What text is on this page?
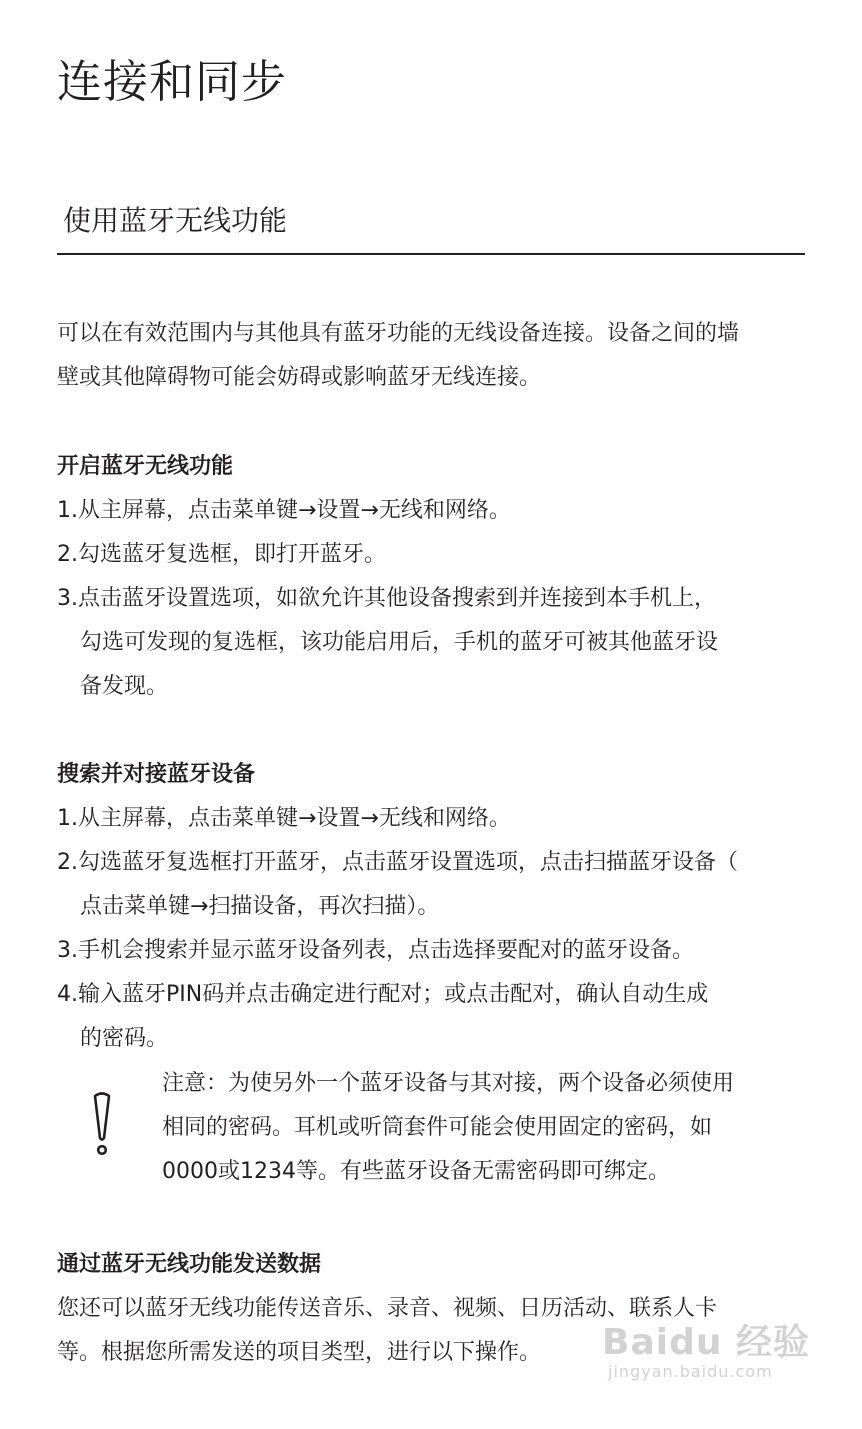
连接和同步
使用蓝牙无线功能

可以在有效范围内与其他具有蓝牙功能的无线设备连接。设备之间的墙
壁或其他障碍物可能会妨碍或影响蓝牙无线连接。

开启蓝牙无线功能
1.从主屏幕，点击菜单键→设置→无线和网络。
2.勾选蓝牙复选框，即打开蓝牙。
3.点击蓝牙设置选项，如欲允许其他设备搜索到并连接到本手机上，
勾选可发现的复选框，该功能启用后，手机的蓝牙可被其他蓝牙设
备发现。
搜索并对接蓝牙设备
1.从主屏幕，点击菜单键→设置→无线和网络。
2.勾选蓝牙复选框打开蓝牙，点击蓝牙设置选项，点击扫描蓝牙设备（
点击菜单键→扫描设备，再次扫描）。
3.手机会搜索并显示蓝牙设备列表，点击选择要配对的蓝牙设备。
4.输入蓝牙PIN码并点击确定进行配对；或点击配对，确认自动生成
的密码。
注意：为使另外一个蓝牙设备与其对接，两个设备必须使用
相同的密码。耳机或听筒套件可能会使用固定的密码，如
0000或1234等。有些蓝牙设备无需密码即可绑定。
通过蓝牙无线功能发送数据

您还可以蓝牙无线功能传送音乐、录音、视频、日历活动、联系人卡
等。根据您所需发送的项目类型，进行以下操作。	Baidu 经验
jingyan.baidu.com
